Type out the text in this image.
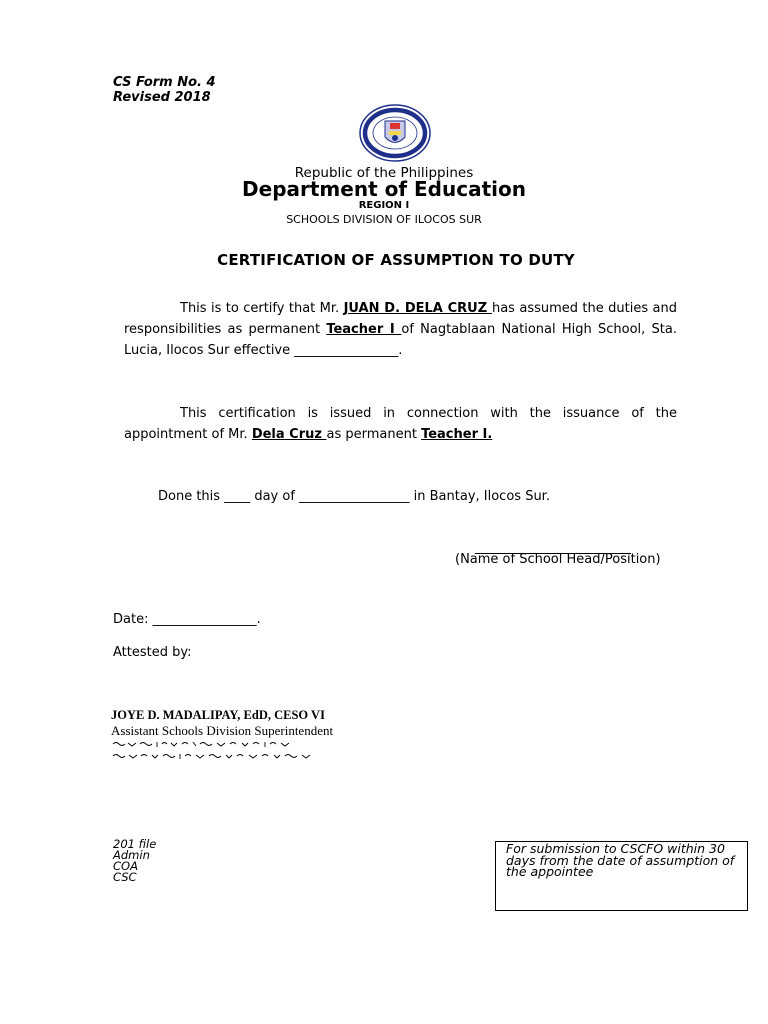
CS Form No. 4
Revised 2018
Republic of the Philippines
Department of Education
REGION I
SCHOOLS DIVISION OF ILOCOS SUR
CERTIFICATION OF ASSUMPTION TO DUTY
This is to certify that Mr. JUAN D. DELA CRUZ has assumed the duties and responsibilities as permanent Teacher I of Nagtablaan National High School, Sta. Lucia, Ilocos Sur effective ________________.
This certification is issued in connection with the issuance of the appointment of Mr. Dela Cruz as permanent Teacher I.
Done this ____ day of _________________ in Bantay, Ilocos Sur.
(Name of School Head/Position)
Date: ________________.
Attested by:
JOYE D. MADALIPAY, EdD, CESO VI
Assistant Schools Division Superintendent
201 file
Admin
COA
CSC
For submission to CSCFO within 30 days from the date of assumption of the appointee
